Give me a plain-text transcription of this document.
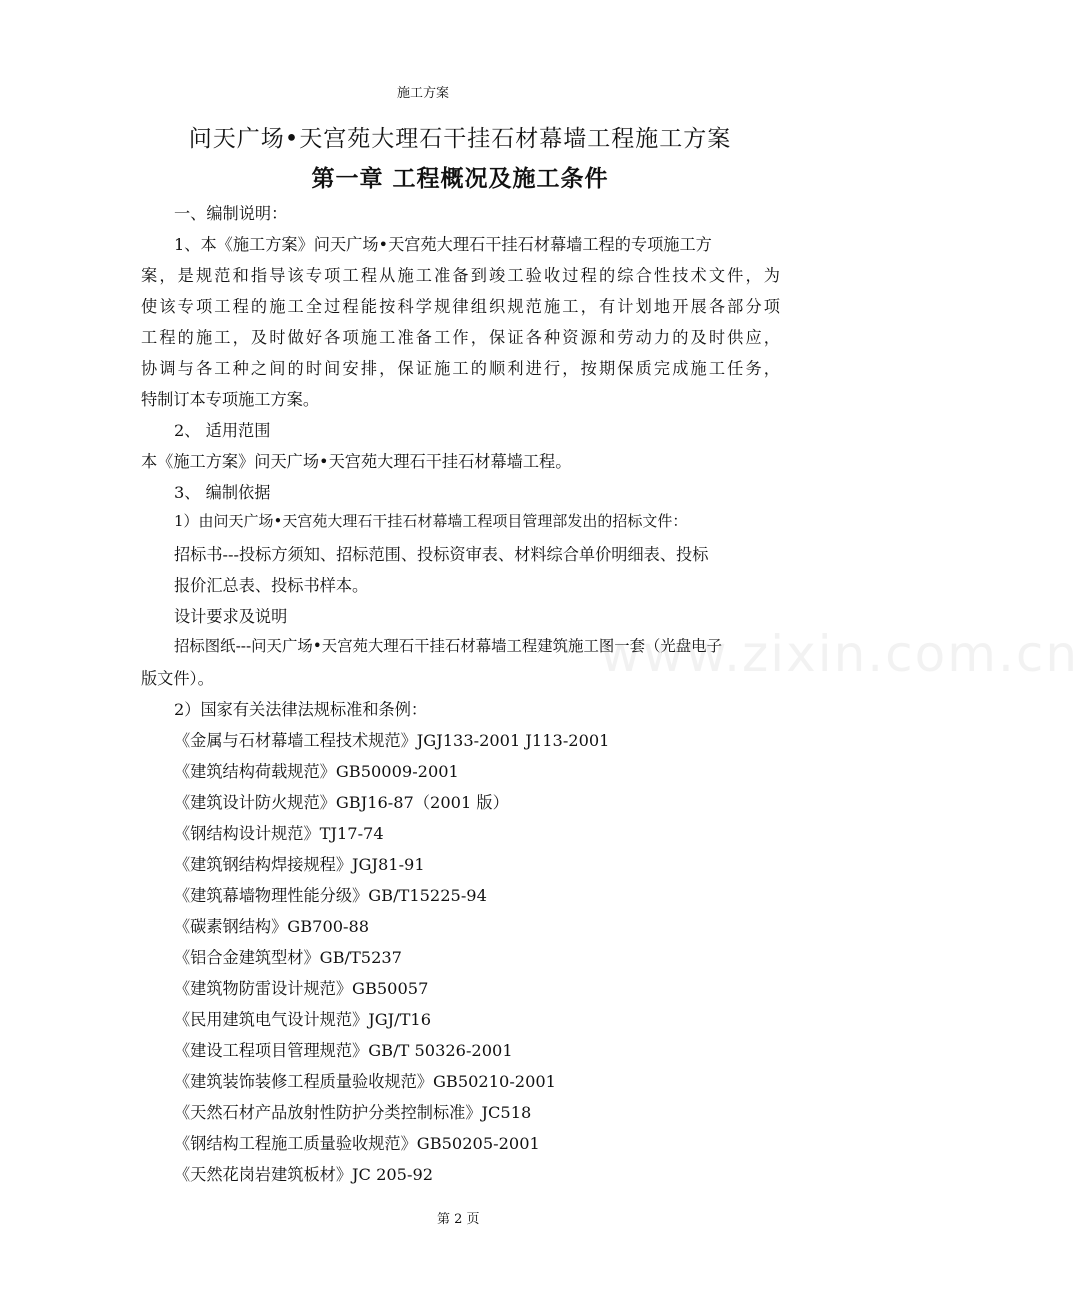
施工方案
www.zixin.com.cn
问天广场•天宫苑大理石干挂石材幕墙工程施工方案
第一章 工程概况及施工条件
一、编制说明：
1、本《施工方案》问天广场•天宫苑大理石干挂石材幕墙工程的专项施工方
案，是规范和指导该专项工程从施工准备到竣工验收过程的综合性技术文件，为
使该专项工程的施工全过程能按科学规律组织规范施工，有计划地开展各部分项
工程的施工，及时做好各项施工准备工作，保证各种资源和劳动力的及时供应，
协调与各工种之间的时间安排，保证施工的顺利进行，按期保质完成施工任务，
特制订本专项施工方案。
2、 适用范围
本《施工方案》问天广场•天宫苑大理石干挂石材幕墙工程。
3、 编制依据
1）由问天广场•天宫苑大理石干挂石材幕墙工程项目管理部发出的招标文件：
招标书---投标方须知、招标范围、投标资审表、材料综合单价明细表、投标
报价汇总表、投标书样本。
设计要求及说明
招标图纸---问天广场•天宫苑大理石干挂石材幕墙工程建筑施工图一套（光盘电子
版文件）。
2）国家有关法律法规标准和条例：
《金属与石材幕墙工程技术规范》JGJ133-2001 J113-2001
《建筑结构荷载规范》GB50009-2001
《建筑设计防火规范》GBJ16-87（2001 版）
《钢结构设计规范》TJ17-74
《建筑钢结构焊接规程》JGJ81-91
《建筑幕墙物理性能分级》GB/T15225-94
《碳素钢结构》GB700-88
《铝合金建筑型材》GB/T5237
《建筑物防雷设计规范》GB50057
《民用建筑电气设计规范》JGJ/T16
《建设工程项目管理规范》GB/T 50326-2001
《建筑装饰装修工程质量验收规范》GB50210-2001
《天然石材产品放射性防护分类控制标准》JC518
《钢结构工程施工质量验收规范》GB50205-2001
《天然花岗岩建筑板材》JC 205-92
第 2 页
